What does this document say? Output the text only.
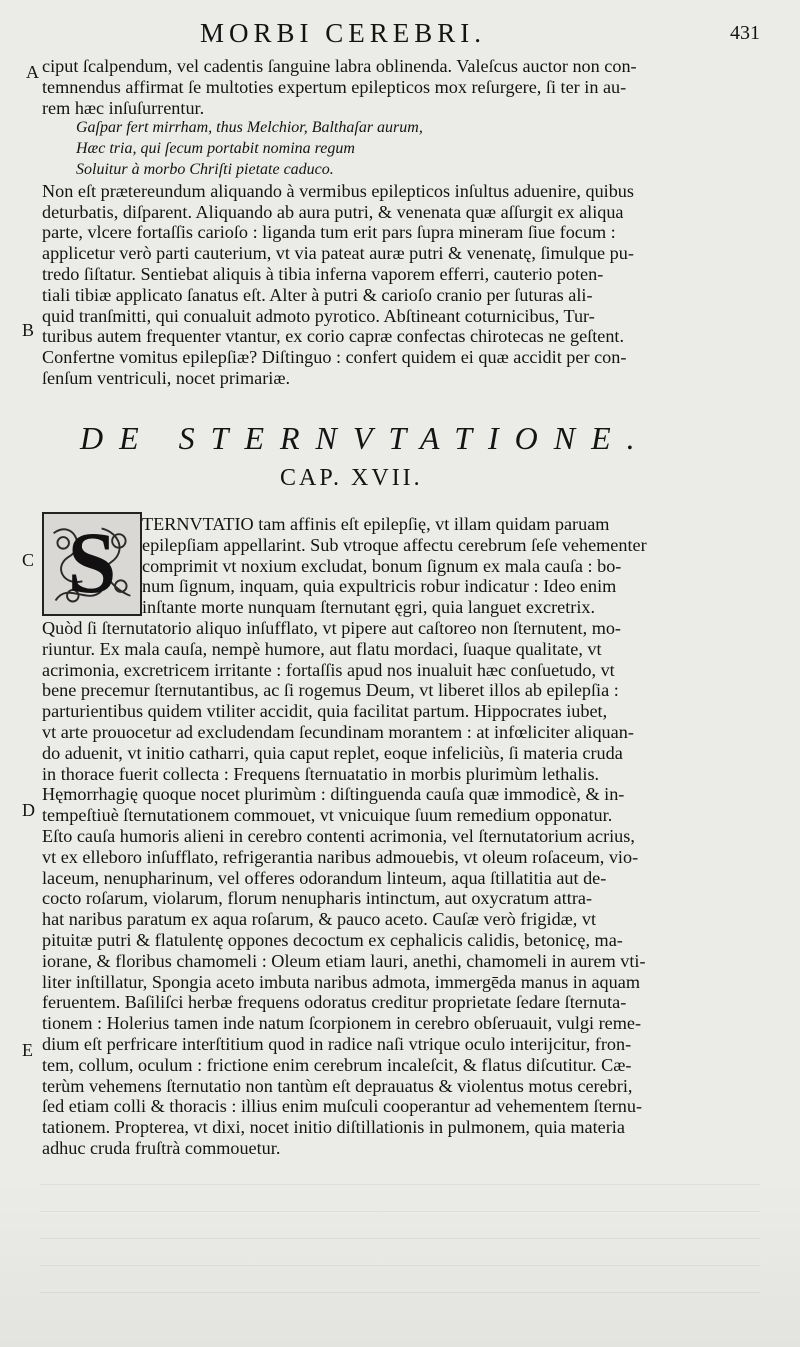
MORBI CEREBRI.	431
A
B
C
D
E
ciput ſcalpendum, vel cadentis ſanguine labra oblinenda. Valeſcus auctor non con-
temnendus affirmat ſe multoties expertum epilepticos mox reſurgere, ſi ter in au-
rem hæc inſuſurrentur.
Gaſpar fert mirrham, thus Melchior, Balthaſar aurum,
Hæc tria, qui ſecum portabit nomina regum
Soluitur à morbo Chriſti pietate caduco.
Non eſt prætereundum aliquando à vermibus epilepticos inſultus aduenire, quibus
deturbatis, diſparent. Aliquando ab aura putri, & venenata quæ aſſurgit ex aliqua
parte, vlcere fortaſſis carioſo : liganda tum erit pars ſupra mineram ſiue focum :
applicetur verò parti cauterium, vt via pateat auræ putri & venenatę, ſimulque pu-
tredo ſiſtatur. Sentiebat aliquis à tibia inferna vaporem efferri, cauterio poten-
tiali tibiæ applicato ſanatus eſt. Alter à putri & carioſo cranio per ſuturas ali-
quid tranſmitti, qui conualuit admoto pyrotico. Abſtineant coturnicibus, Tur-
turibus autem frequenter vtantur, ex corio capræ confectas chirotecas ne geſtent.
Confertne vomitus epilepſiæ? Diſtinguo : confert quidem ei quæ accidit per con-
ſenſum ventriculi, nocet primariæ.
DE STERNVTATIONE.
CAP. XVII.
S	TERNVTATIO tam affinis eſt epilepſię, vt illam quidam paruam
epilepſiam appellarint. Sub vtroque affectu cerebrum ſeſe vehementer
comprimit vt noxium excludat, bonum ſignum ex mala cauſa : bo-
num ſignum, inquam, quia expultricis robur indicatur : Ideo enim
inſtante morte nunquam ſternutant ęgri, quia languet excretrix.
Quòd ſi ſternutatorio aliquo inſufflato, vt pipere aut caſtoreo non ſternutent, mo-
riuntur. Ex mala cauſa, nempè humore, aut flatu mordaci, ſuaque qualitate, vt
acrimonia, excretricem irritante : fortaſſis apud nos inualuit hæc conſuetudo, vt
bene precemur ſternutantibus, ac ſi rogemus Deum, vt liberet illos ab epilepſia :
parturientibus quidem vtiliter accidit, quia facilitat partum. Hippocrates iubet,
vt arte prouocetur ad excludendam ſecundinam morantem : at infœliciter aliquan-
do aduenit, vt initio catharri, quia caput replet, eoque infeliciùs, ſi materia cruda
in thorace fuerit collecta : Frequens ſternuatatio in morbis plurimùm lethalis.
Hęmorrhagię quoque nocet plurimùm : diſtinguenda cauſa quæ immodicè, & in-
tempeſtiuè ſternutationem commouet, vt vnicuique ſuum remedium opponatur.
Eſto cauſa humoris alieni in cerebro contenti acrimonia, vel ſternutatorium acrius,
vt ex elleboro inſufflato, refrigerantia naribus admouebis, vt oleum roſaceum, vio-
laceum, nenupharinum, vel offeres odorandum linteum, aqua ſtillatitia aut de-
cocto roſarum, violarum, florum nenupharis intinctum, aut oxycratum attra-
hat naribus paratum ex aqua roſarum, & pauco aceto. Cauſæ verò frigidæ, vt
pituitæ putri & flatulentę oppones decoctum ex cephalicis calidis, betonicę, ma-
iorane, & floribus chamomeli : Oleum etiam lauri, anethi, chamomeli in aurem vti-
liter inſtillatur, Spongia aceto imbuta naribus admota, immergēda manus in aquam
feruentem. Baſiliſci herbæ frequens odoratus creditur proprietate ſedare ſternuta-
tionem : Holerius tamen inde natum ſcorpionem in cerebro obſeruauit, vulgi reme-
dium eſt perfricare interſtitium quod in radice naſi vtrique oculo interijcitur, fron-
tem, collum, oculum : frictione enim cerebrum incaleſcit, & flatus diſcutitur. Cæ-
terùm vehemens ſternutatio non tantùm eſt deprauatus & violentus motus cerebri,
ſed etiam colli & thoracis : illius enim muſculi cooperantur ad vehementem ſternu-
tationem. Propterea, vt dixi, nocet initio diſtillationis in pulmonem, quia materia
adhuc cruda fruſtrà commouetur.
